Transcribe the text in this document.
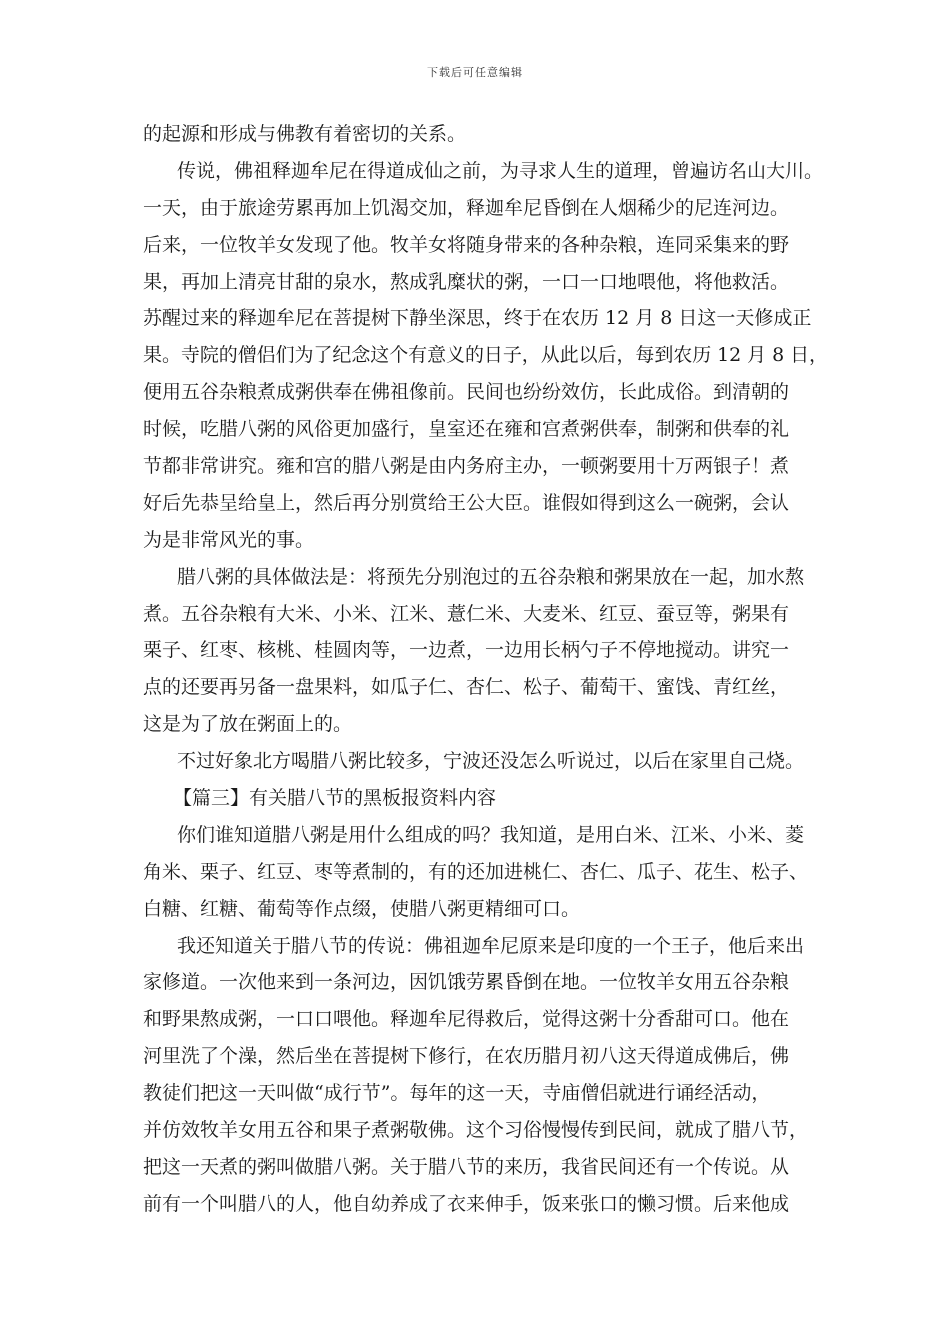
下载后可任意编辑
的起源和形成与佛教有着密切的关系。
传说，佛祖释迦牟尼在得道成仙之前，为寻求人生的道理，曾遍访名山大川。
一天，由于旅途劳累再加上饥渴交加，释迦牟尼昏倒在人烟稀少的尼连河边。
后来，一位牧羊女发现了他。牧羊女将随身带来的各种杂粮，连同采集来的野
果，再加上清亮甘甜的泉水，熬成乳糜状的粥，一口一口地喂他，将他救活。
苏醒过来的释迦牟尼在菩提树下静坐深思，终于在农历 12 月 8 日这一天修成正
果。寺院的僧侣们为了纪念这个有意义的日子，从此以后，每到农历 12 月 8 日，
便用五谷杂粮煮成粥供奉在佛祖像前。民间也纷纷效仿，长此成俗。到清朝的
时候，吃腊八粥的风俗更加盛行，皇室还在雍和宫煮粥供奉，制粥和供奉的礼
节都非常讲究。雍和宫的腊八粥是由内务府主办，一顿粥要用十万两银子！煮
好后先恭呈给皇上，然后再分别赏给王公大臣。谁假如得到这么一碗粥，会认
为是非常风光的事。
腊八粥的具体做法是：将预先分别泡过的五谷杂粮和粥果放在一起，加水熬
煮。五谷杂粮有大米、小米、江米、薏仁米、大麦米、红豆、蚕豆等，粥果有
栗子、红枣、核桃、桂圆肉等，一边煮，一边用长柄勺子不停地搅动。讲究一
点的还要再另备一盘果料，如瓜子仁、杏仁、松子、葡萄干、蜜饯、青红丝，
这是为了放在粥面上的。
不过好象北方喝腊八粥比较多，宁波还没怎么听说过，以后在家里自己烧。
【篇三】有关腊八节的黑板报资料内容
你们谁知道腊八粥是用什么组成的吗？我知道，是用白米、江米、小米、菱
角米、栗子、红豆、枣等煮制的，有的还加进桃仁、杏仁、瓜子、花生、松子、
白糖、红糖、葡萄等作点缀，使腊八粥更精细可口。
我还知道关于腊八节的传说：佛祖迦牟尼原来是印度的一个王子，他后来出
家修道。一次他来到一条河边，因饥饿劳累昏倒在地。一位牧羊女用五谷杂粮
和野果熬成粥，一口口喂他。释迦牟尼得救后，觉得这粥十分香甜可口。他在
河里洗了个澡，然后坐在菩提树下修行，在农历腊月初八这天得道成佛后，佛
教徒们把这一天叫做“成行节”。每年的这一天，寺庙僧侣就进行诵经活动，
并仿效牧羊女用五谷和果子煮粥敬佛。这个习俗慢慢传到民间，就成了腊八节，
把这一天煮的粥叫做腊八粥。关于腊八节的来历，我省民间还有一个传说。从
前有一个叫腊八的人，他自幼养成了衣来伸手，饭来张口的懒习惯。后来他成
